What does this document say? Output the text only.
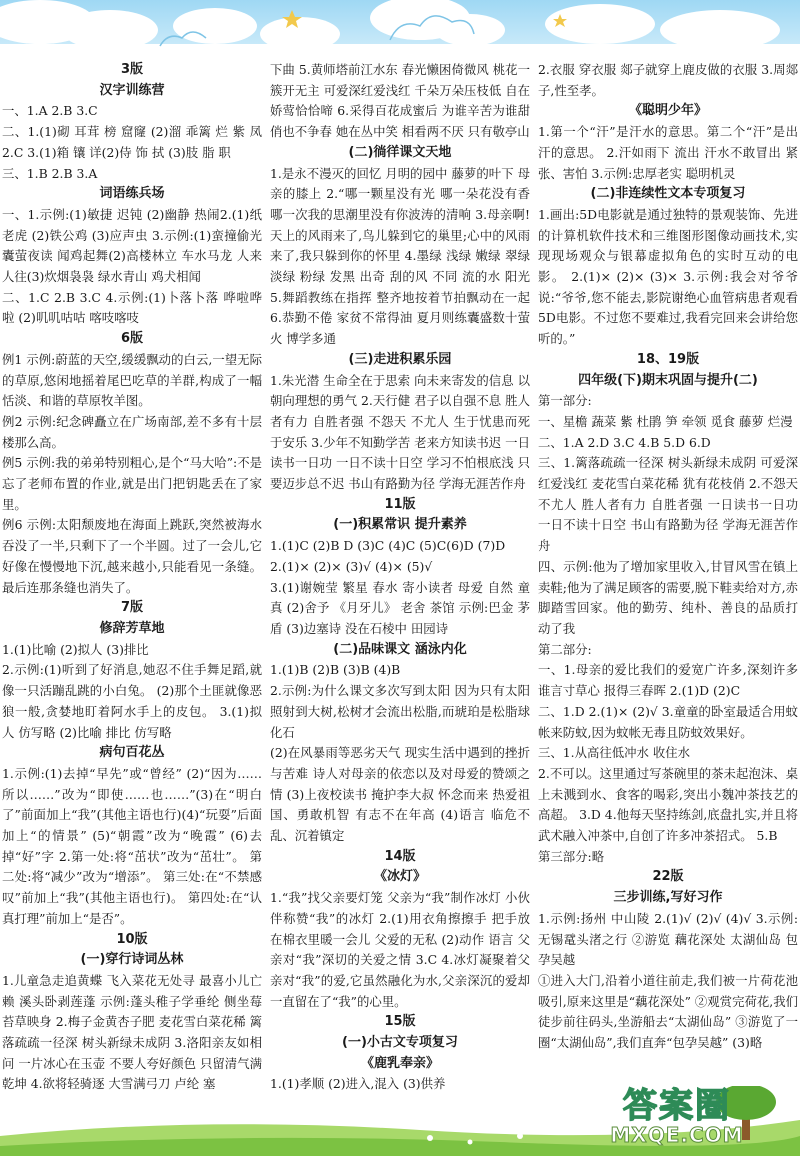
答案圈
MXQE.COM

3版

汉字训练营

一、1.A 2.B 3.C

二、1.(1)砌 耳茸 榜 窟窿 (2)溜 乖篱 烂 紫 凤 2.C 3.(1)箱 镶 详(2)侍 饰 拭 (3)肢 脂 职

三、1.B 2.B 3.A

词语练兵场

一、1.示例:(1)敏捷 迟钝 (2)幽静 热闹2.(1)纸老虎 (2)铁公鸡 (3)应声虫 3.示例:(1)蛮撞偷光 囊萤夜读 闻鸡起舞(2)高楼林立 车水马龙 人来人往(3)炊烟袅袅 绿水青山 鸡犬相闻

二、1.C 2.B 3.C 4.示例:(1)卜落卜落 哗啦哗啦 (2)叽叽咕咕 喀吱喀吱

6版

例1 示例:蔚蓝的天空,缓缓飘动的白云,一望无际的草原,悠闲地摇着尾巴吃草的羊群,构成了一幅恬淡、和谐的草原牧羊图。

例2 示例:纪念碑矗立在广场南部,差不多有十层楼那么高。

例5 示例:我的弟弟特别粗心,是个“马大哈”:不是忘了老师布置的作业,就是出门把钥匙丢在了家里。

例6 示例:太阳颓废地在海面上跳跃,突然被海水吞没了一半,只剩下了一个半圆。过了一会儿,它好像在慢慢地下沉,越来越小,只能看见一条缝。最后连那条缝也消失了。

7版

修辞芳草地

1.(1)比喻 (2)拟人 (3)排比

2.示例:(1)听到了好消息,她忍不住手舞足蹈,就像一只活蹦乱跳的小白兔。 (2)那个土匪就像恶狼一般,贪婪地盯着阿水手上的皮包。 3.(1)拟人 仿写略 (2)比喻 排比 仿写略

病句百花丛

1.示例:(1)去掉“早先”或“曾经” (2)“因为……所以……”改为“即使……也……”(3)在“明白了”前面加上“我”(其他主语也行)(4)“玩耍”后面加上“的情景” (5)“朝霞”改为“晚霞” (6)去掉“好”字 2.第一处:将“茁状”改为“茁壮”。 第二处:将“减少”改为“增添”。 第三处:在“不禁感叹”前加上“我”(其他主语也行)。 第四处:在“认真打理”前加上“是否”。

10版

(一)穿行诗词丛林

1.儿童急走追黄蝶 飞入菜花无处寻 最喜小儿亡赖 溪头卧剥莲蓬 示例:蓬头稚子学垂纶 侧坐莓苔草映身 2.梅子金黄杏子肥 麦花雪白菜花稀 篱落疏疏一径深 树头新绿未成阴 3.洛阳亲友如相问 一片冰心在玉壶 不要人夸好颜色 只留清气满乾坤 4.欲将轻骑逐 大雪满弓刀 卢纶 塞

下曲 5.黄师塔前江水东 春光懒困倚微风 桃花一簇开无主 可爱深红爱浅红 千朵万朵压枝低 自在娇莺恰恰啼 6.采得百花成蜜后 为谁辛苦为谁甜 俏也不争春 她在丛中笑 相看两不厌 只有敬亭山

(二)徜徉课文天地

1.是永不漫灭的回忆 月明的园中 藤萝的叶下 母亲的膝上 2.“哪一颗星没有光 哪一朵花没有香 哪一次我的思潮里没有你波涛的清响 3.母亲啊!天上的风雨来了,鸟儿躲到它的巢里;心中的风雨来了,我只躲到你的怀里 4.墨绿 浅绿 嫩绿 翠绿 淡绿 粉绿 发黑 出奇 刮的风 不同 流的水 阳光 5.舞蹈教练在指挥 整齐地按着节拍飘动在一起 6.恭勤不倦 家贫不常得油 夏月则练囊盛数十萤火 博学多通

(三)走进积累乐园

1.朱光潜 生命全在于思索 向未来寄发的信息 以朝向理想的勇气 2.天行健 君子以自强不息 胜人者有力 自胜者强 不怨天 不尤人 生于忧患而死于安乐 3.少年不知勤学苦 老来方知读书迟 一日读书一日功 一日不读十日空 学习不怕根底浅 只要迈步总不迟 书山有路勤为径 学海无涯苦作舟

11版

(一)积累常识 提升素养

1.(1)C (2)B D (3)C (4)C (5)C(6)D (7)D

2.(1)× (2)× (3)√ (4)× (5)√

3.(1)谢婉莹 繁星 春水 寄小读者 母爱 自然 童真 (2)舍予 《月牙儿》 老舍 茶馆 示例:巴金 茅盾 (3)边塞诗 没在石棱中 田园诗

(二)品味课文 涵泳内化

1.(1)B (2)B (3)B (4)B

2.示例:为什么课文多次写到太阳 因为只有太阳照射到大树,松树才会流出松脂,而琥珀是松脂球化石

(2)在风暴雨等恶劣天气 现实生活中遇到的挫折与苦难 诗人对母亲的依恋以及对母爱的赞颂之情 (3)上夜校读书 掩护李大叔 怀念而来 热爱祖国、勇敢机智 有志不在年高 (4)语言 临危不乱、沉着镇定

14版

《冰灯》

1.“我”找父亲要灯笼 父亲为“我”制作冰灯 小伙伴称赞“我”的冰灯 2.(1)用衣角擦擦手 把手放在棉衣里暖一会儿 父爱的无私 (2)动作 语言 父亲对“我”深切的关爱之情 3.C 4.冰灯凝聚着父亲对“我”的爱,它虽然融化为水,父亲深沉的爱却一直留在了“我”的心里。

15版

(一)小古文专项复习

《鹿乳奉亲》

1.(1)孝顺 (2)进入,混入 (3)供养

2.衣服 穿衣服 郯子就穿上鹿皮做的衣服 3.周郯子,性至孝。

《聪明少年》

1.第一个“汗”是汗水的意思。第二个“汗”是出汗的意思。 2.汗如雨下 流出 汗水不敢冒出 紧张、害怕 3.示例:忠厚老实 聪明机灵

(二)非连续性文本专项复习

1.画出:5D电影就是通过独特的景观装饰、先进的计算机软件技术和三维图形图像动画技术,实现现场观众与银幕虚拟角色的实时互动的电影。 2.(1)× (2)× (3)× 3.示例:我会对爷爷说:“爷爷,您不能去,影院谢绝心血管病患者观看5D电影。不过您不要难过,我看完回来会讲给您听的。”

18、19版

四年级(下)期末巩固与提升(二)

第一部分:

一、星檐 蔬菜 紫 杜鹃 笋 牵领 觅食 藤萝 烂漫

二、1.A 2.D 3.C 4.B 5.D 6.D

三、1.篱落疏疏一径深 树头新绿未成阴 可爱深红爱浅红 麦花雪白菜花稀 犹有花枝俏 2.不怨天 不尤人 胜人者有力 自胜者强 一日读书一日功 一日不读十日空 书山有路勤为径 学海无涯苦作舟

四、示例:他为了增加家里收入,甘冒风雪在镇上卖鞋;他为了满足顾客的需要,脱下鞋卖给对方,赤脚踏雪回家。他的勤劳、纯朴、善良的品质打动了我

第二部分:

一、1.母亲的爱比我们的爱宽广许多,深刻许多 谁言寸草心 报得三春晖 2.(1)D (2)C

二、1.D 2.(1)× (2)√ 3.童童的卧室最适合用蚊帐来防蚊,因为蚊帐无毒且防蚊效果好。

三、1.从高往低冲水 收住水

2.不可以。这里通过写茶碗里的茶未起泡沫、桌上未溅到水、食客的喝彩,突出小魏冲茶技艺的高超。 3.D 4.他每天坚持练剑,底盘扎实,并且将武术融入冲茶中,自创了许多冲茶招式。 5.B

第三部分:略

22版

三步训练,写好习作

1.示例:扬州 中山陵 2.(1)√ (2)√ (4)√ 3.示例:无锡鼋头渚之行 ②游览 藕花深处 太湖仙岛 包孕吴越

①进入大门,沿着小道往前走,我们被一片荷花池吸引,原来这里是“藕花深处” ②观赏完荷花,我们徒步前往码头,坐游船去“太湖仙岛” ③游览了一圈“太湖仙岛”,我们直奔“包孕吴越” (3)略
